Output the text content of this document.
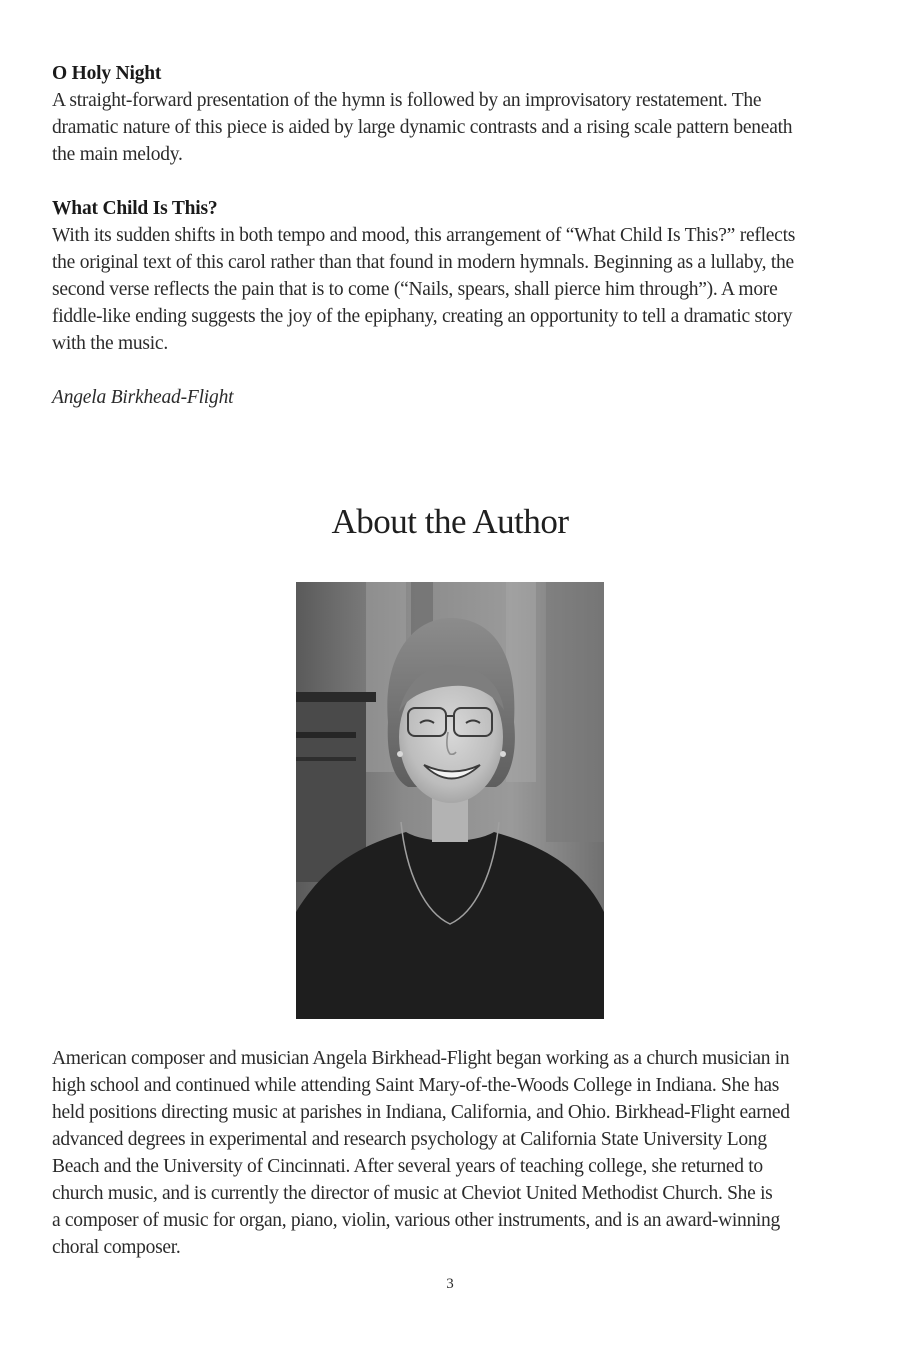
O Holy Night

A straight-forward presentation of the hymn is followed by an improvisatory restatement. The
dramatic nature of this piece is aided by large dynamic contrasts and a rising scale pattern beneath
the main melody.

What Child Is This?

With its sudden shifts in both tempo and mood, this arrangement of “What Child Is This?” reflects
the original text of this carol rather than that found in modern hymnals. Beginning as a lullaby, the
second verse reflects the pain that is to come (“Nails, spears, shall pierce him through”). A more
fiddle-like ending suggests the joy of the epiphany, creating an opportunity to tell a dramatic story
with the music.

Angela Birkhead-Flight

About the Author

American composer and musician Angela Birkhead-Flight began working as a church musician in
high school and continued while attending Saint Mary-of-the-Woods College in Indiana. She has
held positions directing music at parishes in Indiana, California, and Ohio. Birkhead-Flight earned
advanced degrees in experimental and research psychology at California State University Long
Beach and the University of Cincinnati. After several years of teaching college, she returned to
church music, and is currently the director of music at Cheviot United Methodist Church. She is
a composer of music for organ, piano, violin, various other instruments, and is an award-winning
choral composer.

3
